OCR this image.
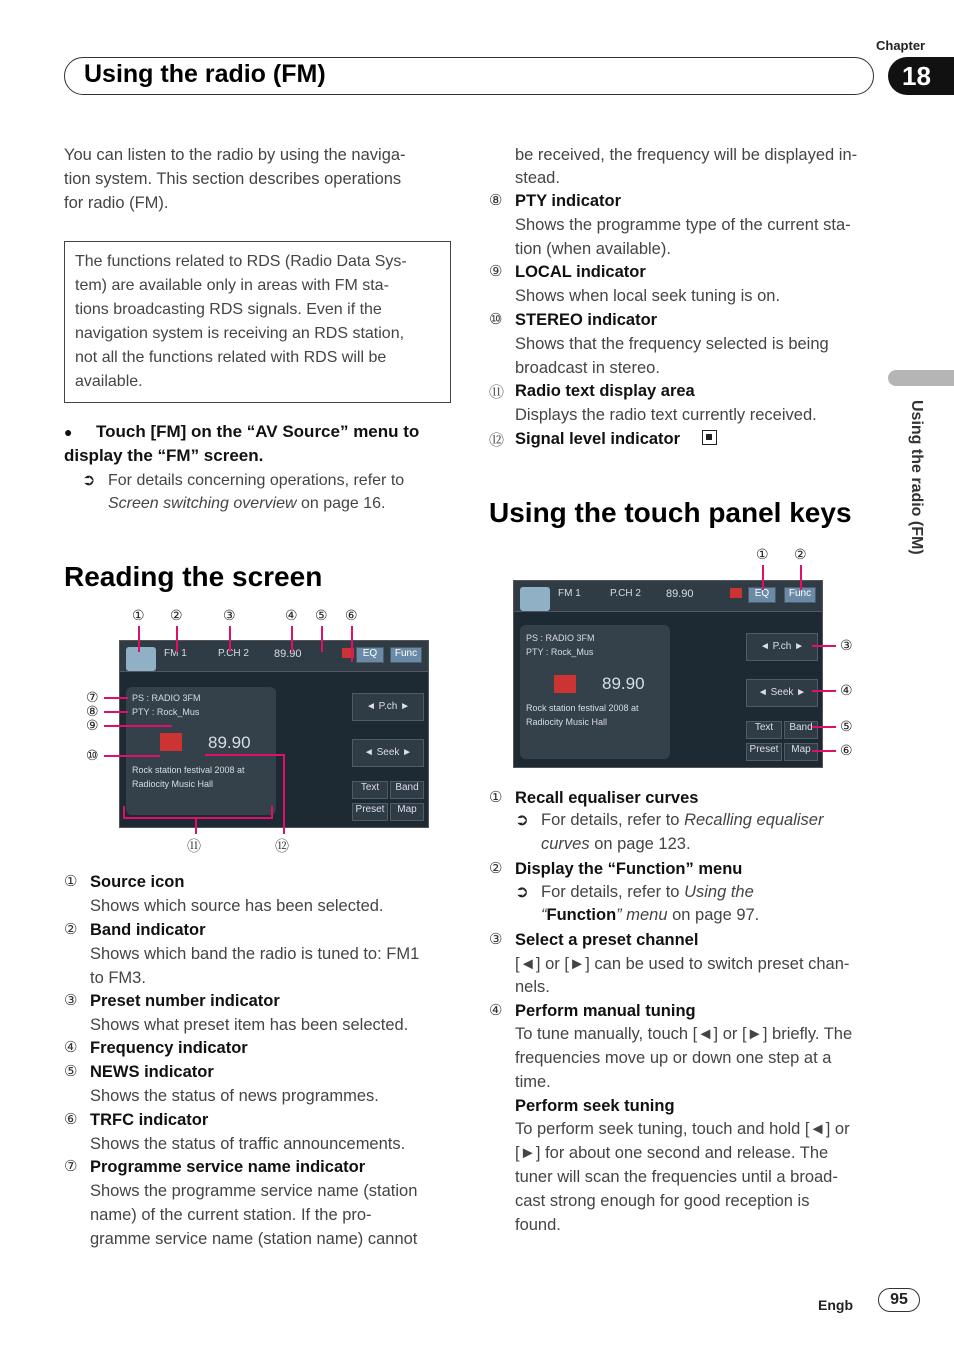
Using the radio (FM)
Chapter
18
Using the radio (FM)
You can listen to the radio by using the naviga-
tion system. This section describes operations
for radio (FM).
The functions related to RDS (Radio Data Sys-
tem) are available only in areas with FM sta-
tions broadcasting RDS signals. Even if the
navigation system is receiving an RDS station,
not all the functions related with RDS will be
available.
● Touch [FM] on the “AV Source” menu to
display the “FM” screen.
➲ For details concerning operations, refer to
Screen switching overview on page 16.
Reading the screen
FM 1	P.CH 2 89.90	EQ	Func
PS : RADIO 3FM
PTY : Rock_Mus
89.90
Rock station festival 2008 at
Radiocity Music Hall
◄ P.ch ►
◄ Seek ►
Text	Band
Preset	Map
① ②	③	④ ⑤ ⑥
⑦
⑧
⑨
⑩
⑪	⑫
① Source icon
Shows which source has been selected.
② Band indicator
Shows which band the radio is tuned to: FM1
to FM3.
③ Preset number indicator
Shows what preset item has been selected.
④ Frequency indicator
⑤ NEWS indicator
Shows the status of news programmes.
⑥ TRFC indicator
Shows the status of traffic announcements.
⑦ Programme service name indicator
Shows the programme service name (station
name) of the current station. If the pro-
gramme service name (station name) cannot
be received, the frequency will be displayed in-
stead.
⑧ PTY indicator
Shows the programme type of the current sta-
tion (when available).
⑨ LOCAL indicator
Shows when local seek tuning is on.
⑩ STEREO indicator
Shows that the frequency selected is being
broadcast in stereo.
⑪ Radio text display area
Displays the radio text currently received.
⑫ Signal level indicator
Using the touch panel keys
FM 1	P.CH 2 89.90	EQ	Func
PS : RADIO 3FM
PTY : Rock_Mus
89.90
Rock station festival 2008 at
Radiocity Music Hall
◄ P.ch ►
◄ Seek ►
Text	Band
Preset	Map
① ②
③
④
⑤
⑥
① Recall equaliser curves
➲ For details, refer to Recalling equaliser
curves on page 123.
② Display the “Function” menu
➲ For details, refer to Using the
“Function” menu on page 97.
③ Select a preset channel
[◄] or [►] can be used to switch preset chan-
nels.
④ Perform manual tuning
To tune manually, touch [◄] or [►] briefly. The
frequencies move up or down one step at a
time.
Perform seek tuning
To perform seek tuning, touch and hold [◄] or
[►] for about one second and release. The
tuner will scan the frequencies until a broad-
cast strong enough for good reception is
found.
Engb	95
